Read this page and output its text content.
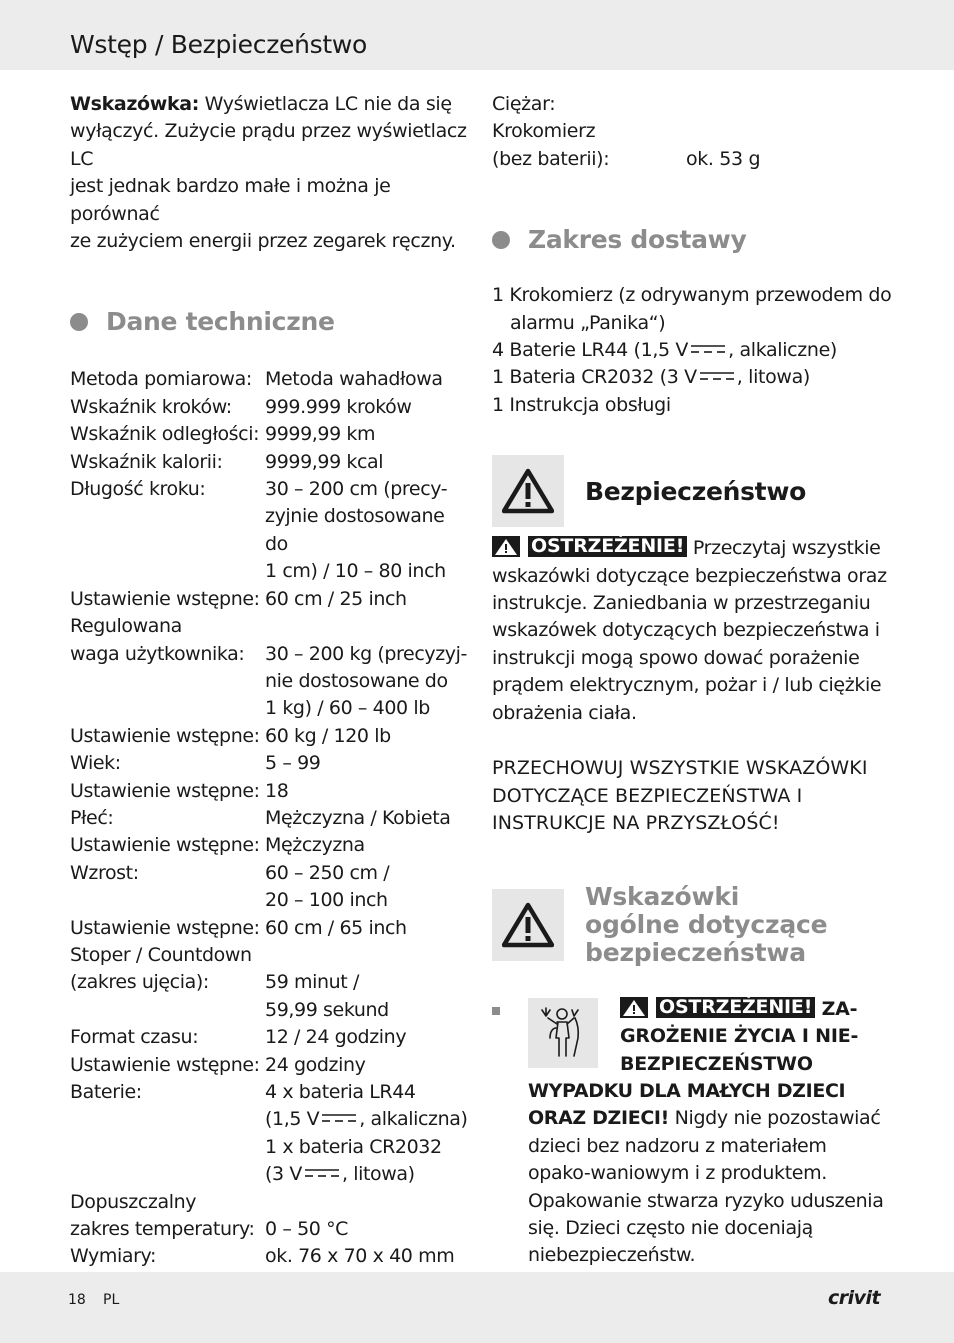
Wstęp / Bezpieczeństwo
Wskazówka: Wyświetlacza LC nie da się
wyłączyć. Zużycie prądu przez wyświetlacz LC
jest jednak bardzo małe i można je porównać
ze zużyciem energii przez zegarek ręczny.
Dane techniczne
Metoda pomiarowa: Metoda wahadłowa
Wskaźnik kroków:	999.999 kroków
Wskaźnik odległości: 9999,99 km
Wskaźnik kalorii:	9999,99 kcal
Długość kroku:	30 – 200 cm (precy-
zyjnie dostosowane do
1 cm) / 10 – 80 inch
Ustawienie wstępne: 60 cm / 25 inch
Regulowana

waga użytkownika:	30 – 200 kg (precyzyj-
nie dostosowane do
1 kg) / 60 – 400 lb
Ustawienie wstępne: 60 kg / 120 lb
Wiek:	5 – 99
Ustawienie wstępne: 18
Płeć:	Mężczyzna / Kobieta
Ustawienie wstępne: Mężczyzna
Wzrost:	60 – 250 cm /
20 – 100 inch
Ustawienie wstępne: 60 cm / 65 inch
Stoper / Countdown

(zakres ujęcia):	59 minut /
59,99 sekund
Format czasu:	12 / 24 godziny
Ustawienie wstępne: 24 godziny
Baterie:	4 x bateria LR44
(1,5 V , alkaliczna)
1 x bateria CR2032
(3 V , litowa)
Dopuszczalny

zakres temperatury: 0 – 50 °C
Wymiary:	ok. 76 x 70 x 40 mm
Ciężar:
Krokomierz
(bez baterii):	ok. 53 g
Zakres dostawy
1 Krokomierz (z odrywanym przewodem do alarmu „Panika“)
4 Baterie LR44 (1,5 V , alkaliczne)
1 Bateria CR2032 (3 V , litowa)
1 Instrukcja obsługi
Bezpieczeństwo
OSTRZEŻENIE! Przeczytaj wszystkie wskazówki dotyczące bezpieczeństwa oraz instrukcje. Zaniedbania w przestrzeganiu wskazówek dotyczących bezpieczeństwa i instrukcji mogą spowo dować porażenie prądem elektrycznym, pożar i / lub ciężkie obrażenia ciała.
PRZECHOWUJ WSZYSTKIE WSKAZÓWKI
DOTYCZĄCE BEZPIECZEŃSTWA I
INSTRUKCJE NA PRZYSZŁOŚĆ!
Wskazówki
ogólne dotyczące
bezpieczeństwa
OSTRZEŻENIE! ZA-
GROŻENIE ŻYCIA I NIE-
BEZPIECZEŃSTWO
WYPADKU DLA MAŁYCH DZIECI
ORAZ DZIECI! Nigdy nie pozostawiać dzieci bez nadzoru z materiałem opako-waniowym i z produktem. Opakowanie stwarza ryzyko uduszenia się. Dzieci często nie doceniają niebezpieczeństw.
18 PL	crivit
